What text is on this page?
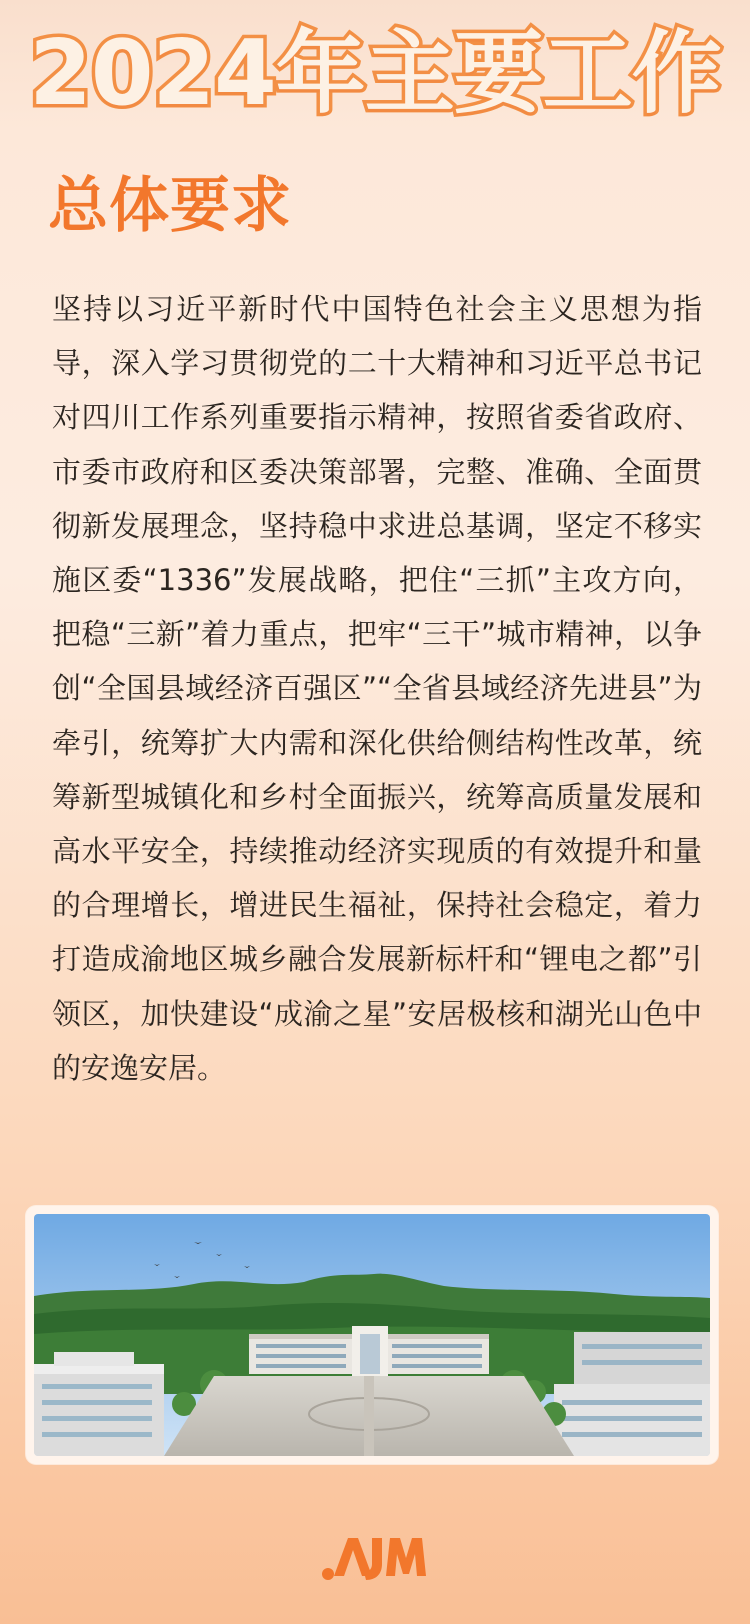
2024年主要工作
总体要求

坚持以习近平新时代中国特色社会主义思想为指导，深入学习贯彻党的二十大精神和习近平总书记对四川工作系列重要指示精神，按照省委省政府、市委市政府和区委决策部署，完整、准确、全面贯彻新发展理念，坚持稳中求进总基调，坚定不移实施区委“1336”发展战略，把住“三抓”主攻方向，把稳“三新”着力重点，把牢“三干”城市精神，以争创“全国县域经济百强区”“全省县域经济先进县”为牵引，统筹扩大内需和深化供给侧结构性改革，统筹新型城镇化和乡村全面振兴，统筹高质量发展和高水平安全，持续推动经济实现质的有效提升和量的合理增长，增进民生福祉，保持社会稳定，着力打造成渝地区城乡融合发展新标杆和“锂电之都”引领区，加快建设“成渝之星”安居极核和湖光山色中的安逸安居。
